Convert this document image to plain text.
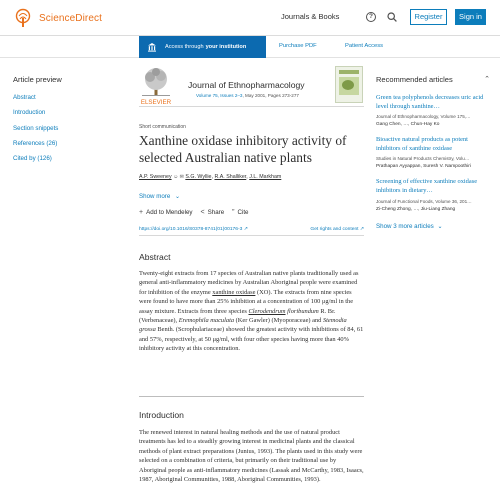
ScienceDirect	Journals & Books	?	Register	Sign in
Access through your institution	Purchase PDF	Patient Access
Article preview
Abstract
Introduction
Section snippets
References (26)
Cited by (126)
ELSEVIER
Journal of Ethnopharmacology
Volume 75, Issues 2–3, May 2001, Pages 273-277
Short communication
Xanthine oxidase inhibitory activity of selected Australian native plants
A.P. Sweeney ☺ ✉ S.G. Wyllie, R.A. Shalliker, J.L. Markham
Show more ⌄
+ Add to Mendeley < Share ” Cite
https://doi.org/10.1016/S0378-8741(01)00176-3 ↗	Get rights and content ↗
Abstract

Twenty-eight extracts from 17 species of Australian native plants traditionally used as general anti-inflammatory medicines by Australian Aboriginal people were examined for inhibition of the enzyme xanthine oxidase (XO). The extracts from nine species were found to have more than 25% inhibition at a concentration of 100 μg/ml in the assay mixture. Extracts from three species Clerodendrum floribundum R. Br. (Verbenaceae), Eremophila maculata (Ker Gawler) (Myoporaceae) and Stemodia grossa Benth. (Scrophulariaceae) showed the greatest activity with inhibitions of 84, 61 and 57%, respectively, at 50 μg/ml, with four other species having more than 40% inhibitory activity at this concentration.

Introduction

The renewed interest in natural healing methods and the use of natural product treatments has led to a steadily growing interest in medicinal plants and the classical methods of plant extract preparations (Junius, 1993). The plants used in this study were selected on a combination of criteria, but primarily on their traditional use by Aboriginal people as anti-inflammatory medicines (Lassak and McCarthy, 1983, Isaacs, 1987, Aboriginal Communities, 1988, Aboriginal Communities, 1993).

Recommended articles	⌃
Green tea polyphenols decreases uric acid level through xanthine…
Journal of Ethnopharmacology, Volume 175,…
Gang Chen, …, Chun-Hay Ko
Bioactive natural products as potent inhibitors of xanthine oxidase
Studies in Natural Products Chemistry, Volu…
Prathapan Ayyappan, Suresh V. Nampoothiri
Screening of effective xanthine oxidase inhibitors in dietary…
Journal of Functional Foods, Volume 36, 201…
Zi-Cheng Zhong, …, Jiu-Liang Zhang
Show 3 more articles ⌄
